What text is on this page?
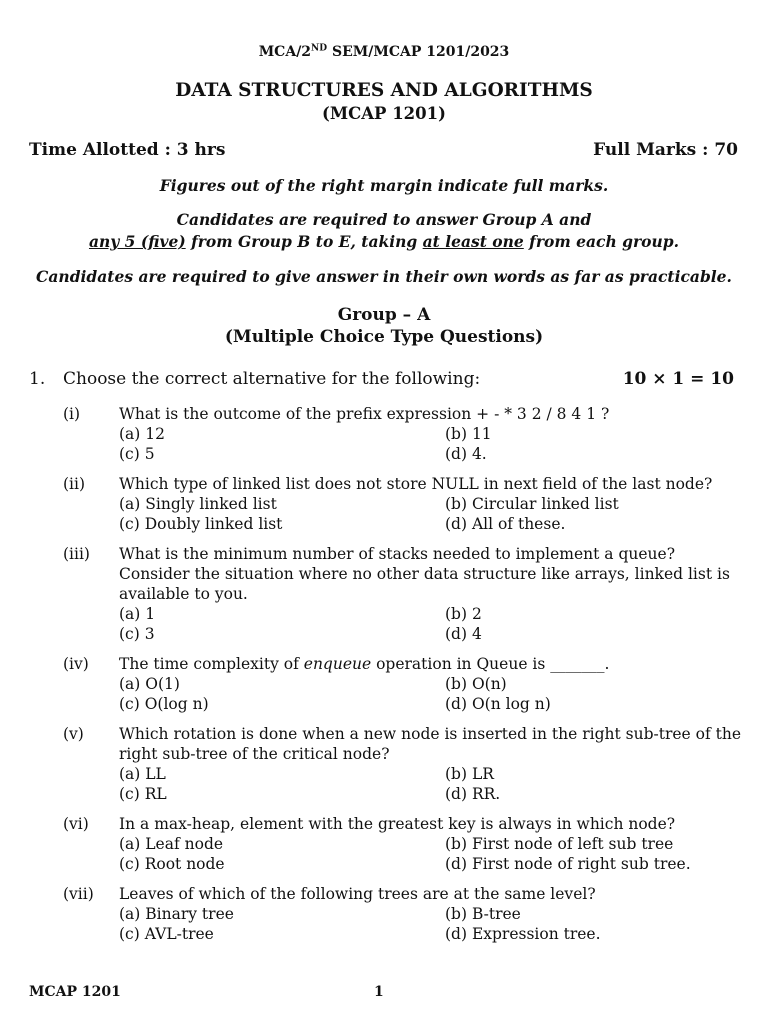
MCA/2ND SEM/MCAP 1201/2023
DATA STRUCTURES AND ALGORITHMS
(MCAP 1201)
Time Allotted : 3 hrs	Full Marks : 70
Figures out of the right margin indicate full marks.
Candidates are required to answer Group A and
any 5 (five) from Group B to E, taking at least one from each group.
Candidates are required to give answer in their own words as far as practicable.
Group – A
(Multiple Choice Type Questions)
1. Choose the correct alternative for the following:	10 × 1 = 10
(i)	What is the outcome of the prefix expression + - * 3 2 / 8 4 1 ?
(a) 12	(b) 11
(c) 5	(d) 4.
(ii) Which type of linked list does not store NULL in next field of the last node?
(a) Singly linked list	(b) Circular linked list
(c) Doubly linked list	(d) All of these.
(iii) What is the minimum number of stacks needed to implement a queue? Consider the situation where no other data structure like arrays, linked list is available to you.
(a) 1	(b) 2
(c) 3	(d) 4
(iv) The time complexity of enqueue operation in Queue is _______.
(a) O(1)	(b) O(n)
(c) O(log n)	(d) O(n log n)
(v) Which rotation is done when a new node is inserted in the right sub-tree of the right sub-tree of the critical node?
(a) LL	(b) LR
(c) RL	(d) RR.
(vi) In a max-heap, element with the greatest key is always in which node?
(a) Leaf node	(b) First node of left sub tree
(c) Root node	(d) First node of right sub tree.
(vii) Leaves of which of the following trees are at the same level?
(a) Binary tree	(b) B-tree
(c) AVL-tree	(d) Expression tree.
MCAP 1201	1
